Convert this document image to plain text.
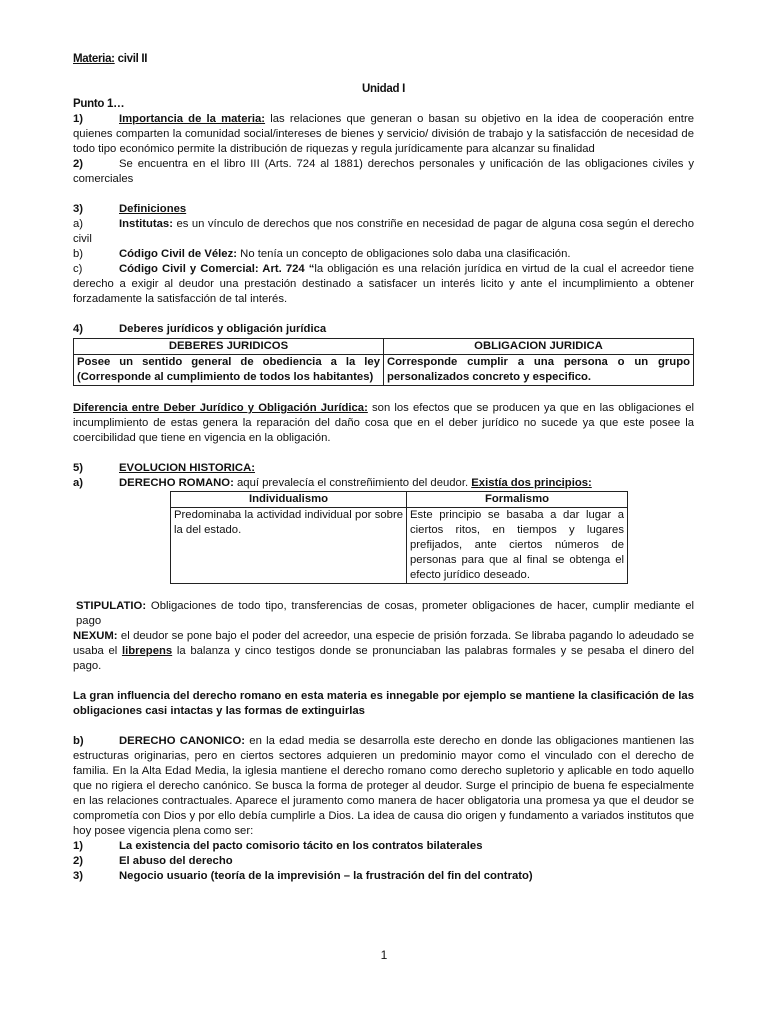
Materia: civil II
Unidad I
Punto 1…
1)	Importancia de la materia: las relaciones que generan o basan su objetivo en la idea de cooperación entre quienes comparten la comunidad social/intereses de bienes y servicio/ división de trabajo y la satisfacción de necesidad de todo tipo económico permite la distribución de riquezas y regula jurídicamente para alcanzar su finalidad
2)	Se encuentra en el libro III (Arts. 724 al 1881) derechos personales y unificación de las obligaciones civiles y comerciales
3)	Definiciones
a)	Institutas: es un vínculo de derechos que nos constriñe en necesidad de pagar de alguna cosa según el derecho civil
b)	Código Civil de Vélez: No tenía un concepto de obligaciones solo daba una clasificación.
c)	Código Civil y Comercial: Art. 724 “la obligación es una relación jurídica en virtud de la cual el acreedor tiene derecho a exigir al deudor una prestación destinado a satisfacer un interés licito y ante el incumplimiento a obtener forzadamente la satisfacción de tal interés.
4)	Deberes jurídicos y obligación jurídica
DEBERES JURIDICOS	OBLIGACION JURIDICA
Posee un sentido general de obediencia a la ley (Corresponde al cumplimiento de todos los habitantes)	Corresponde cumplir a una persona o un grupo personalizados concreto y especifico.
Diferencia entre Deber Jurídico y Obligación Jurídica: son los efectos que se producen ya que en las obligaciones el incumplimiento de estas genera la reparación del daño cosa que en el deber jurídico no sucede ya que este posee la coercibilidad que tiene en vigencia en la obligación.
5)	EVOLUCION HISTORICA:
a)	DERECHO ROMANO: aquí prevalecía el constreñimiento del deudor. Existía dos principios:
Individualismo	Formalismo
Predominaba la actividad individual por sobre la del estado.	Este principio se basaba a dar lugar a ciertos ritos, en tiempos y lugares prefijados, ante ciertos números de personas para que al final se obtenga el efecto jurídico deseado.
STIPULATIO: Obligaciones de todo tipo, transferencias de cosas, prometer obligaciones de hacer, cumplir mediante el pago
NEXUM: el deudor se pone bajo el poder del acreedor, una especie de prisión forzada. Se libraba pagando lo adeudado se usaba el librepens la balanza y cinco testigos donde se pronunciaban las palabras formales y se pesaba el dinero del pago.
La gran influencia del derecho romano en esta materia es innegable por ejemplo se mantiene la clasificación de las obligaciones casi intactas y las formas de extinguirlas
b)	DERECHO CANONICO: en la edad media se desarrolla este derecho en donde las obligaciones mantienen las estructuras originarias, pero en ciertos sectores adquieren un predominio mayor como el vinculado con el derecho de familia. En la Alta Edad Media, la iglesia mantiene el derecho romano como derecho supletorio y aplicable en todo aquello que no rigiera el derecho canónico. Se busca la forma de proteger al deudor. Surge el principio de buena fe especialmente en las relaciones contractuales. Aparece el juramento como manera de hacer obligatoria una promesa ya que el deudor se comprometía con Dios y por ello debía cumplirle a Dios. La idea de causa dio origen y fundamento a variados institutos que hoy posee vigencia plena como ser:
1)	La existencia del pacto comisorio tácito en los contratos bilaterales
2)	El abuso del derecho
3)	Negocio usuario (teoría de la imprevisión – la frustración del fin del contrato)
1
